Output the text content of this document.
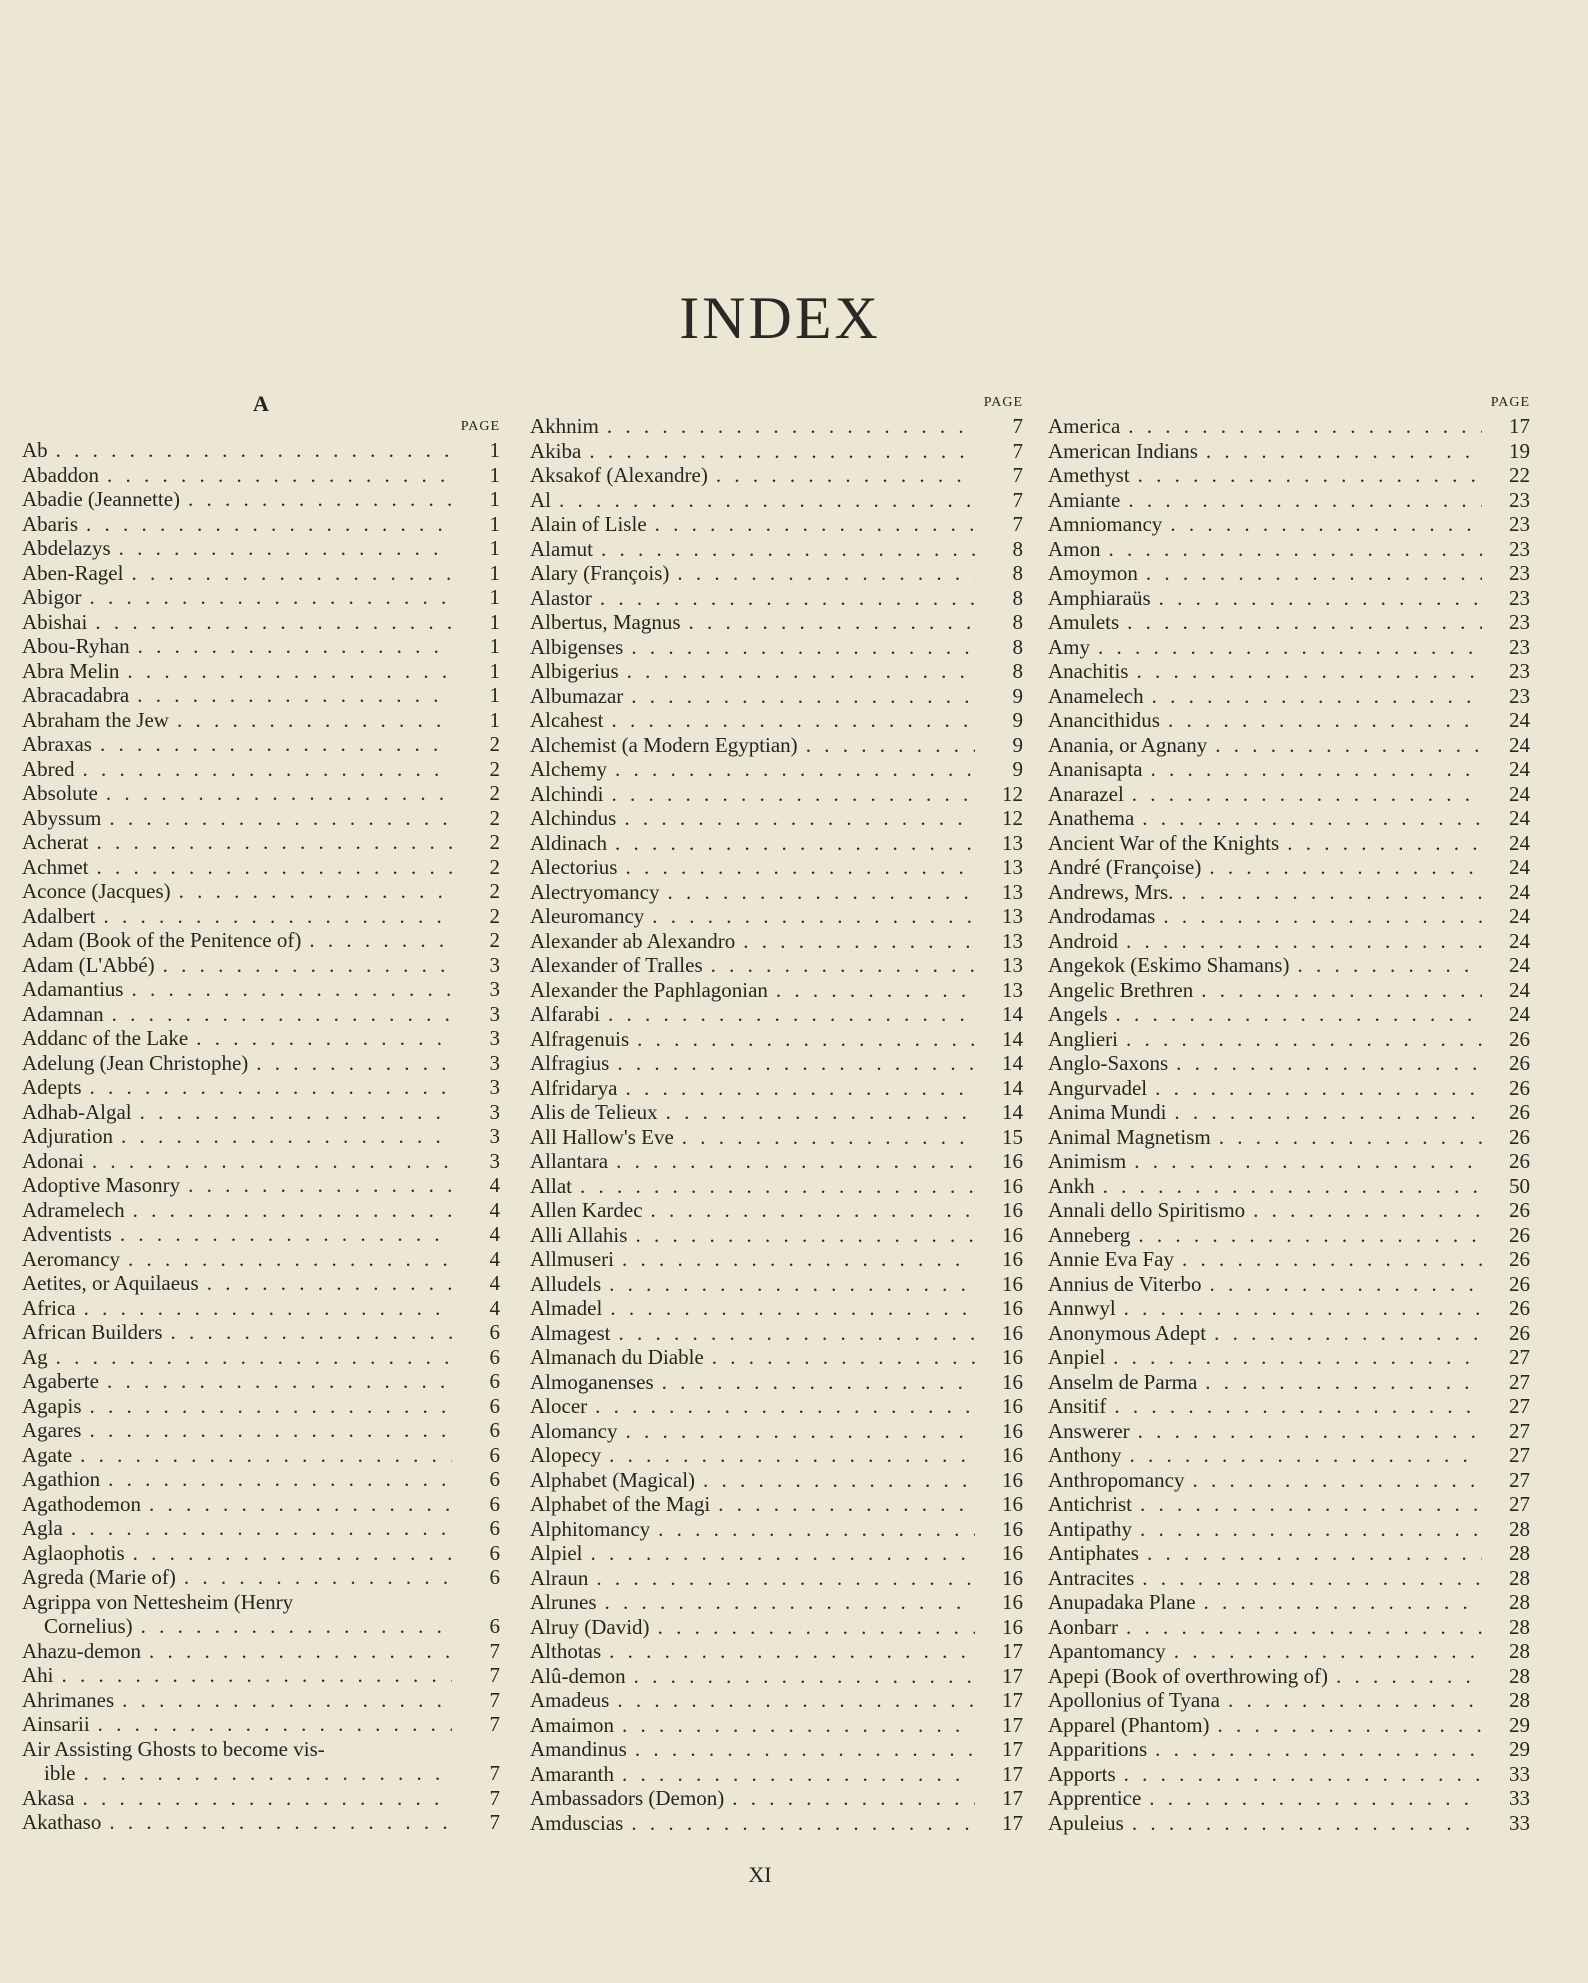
INDEX
A
PAGE
Ab . . .	1
Abaddon . . .	1
Abadie (Jeannette) . . .	1
Abaris . . .	1
Abdelazys . . .	1
Aben-Ragel . . .	1
Abigor . . .	1
Abishai . . .	1
Abou-Ryhan . . .	1
Abra Melin . . .	1
Abracadabra . . .	1
Abraham the Jew . . .	1
Abraxas . . .	2
Abred . . .	2
Absolute . . .	2
Abyssum . . .	2
Acherat . . .	2
Achmet . . .	2
Aconce (Jacques) . . .	2
Adalbert . . .	2
Adam (Book of the Penitence of) . . .	2
Adam (L'Abbé) . . .	3
Adamantius . . .	3
Adamnan . . .	3
Addanc of the Lake . . .	3
Adelung (Jean Christophe) . . .	3
Adepts . . .	3
Adhab-Algal . . .	3
Adjuration . . .	3
Adonai . . .	3
Adoptive Masonry . . .	4
Adramelech . . .	4
Adventists . . .	4
Aeromancy . . .	4
Aetites, or Aquilaeus . . .	4
Africa . . .	4
African Builders . . .	6
Ag . . .	6
Agaberte . . .	6
Agapis . . .	6
Agares . . .	6
Agate . . .	6
Agathion . . .	6
Agathodemon . . .	6
Agla . . .	6
Aglaophotis . . .	6
Agreda (Marie of) . . .	6
Agrippa von Nettesheim (Henry
Cornelius) . . .	6
Ahazu-demon . . .	7
Ahi . . .	7
Ahrimanes . . .	7
Ainsarii . . .	7
Air Assisting Ghosts to become vis-
ible . . .	7
Akasa . . .	7
Akathaso . . .	7
PAGE
Akhnim . . .	7
Akiba . . .	7
Aksakof (Alexandre) . . .	7
Al . . .	7
Alain of Lisle . . .	7
Alamut . . .	8
Alary (François) . . .	8
Alastor . . .	8
Albertus, Magnus . . .	8
Albigenses . . .	8
Albigerius . . .	8
Albumazar . . .	9
Alcahest . . .	9
Alchemist (a Modern Egyptian) . . .	9
Alchemy . . .	9
Alchindi . . .	12
Alchindus . . .	12
Aldinach . . .	13
Alectorius . . .	13
Alectryomancy . . .	13
Aleuromancy . . .	13
Alexander ab Alexandro . . .	13
Alexander of Tralles . . .	13
Alexander the Paphlagonian . . .	13
Alfarabi . . .	14
Alfragenuis . . .	14
Alfragius . . .	14
Alfridarya . . .	14
Alis de Telieux . . .	14
All Hallow's Eve . . .	15
Allantara . . .	16
Allat . . .	16
Allen Kardec . . .	16
Alli Allahis . . .	16
Allmuseri . . .	16
Alludels . . .	16
Almadel . . .	16
Almagest . . .	16
Almanach du Diable . . .	16
Almoganenses . . .	16
Alocer . . .	16
Alomancy . . .	16
Alopecy . . .	16
Alphabet (Magical) . . .	16
Alphabet of the Magi . . .	16
Alphitomancy . . .	16
Alpiel . . .	16
Alraun . . .	16
Alrunes . . .	16
Alruy (David) . . .	16
Althotas . . .	17
Alû-demon . . .	17
Amadeus . . .	17
Amaimon . . .	17
Amandinus . . .	17
Amaranth . . .	17
Ambassadors (Demon) . . .	17
Amduscias . . .	17
PAGE
America . . .	17
American Indians . . .	19
Amethyst . . .	22
Amiante . . .	23
Amniomancy . . .	23
Amon . . .	23
Amoymon . . .	23
Amphiaraüs . . .	23
Amulets . . .	23
Amy . . .	23
Anachitis . . .	23
Anamelech . . .	23
Anancithidus . . .	24
Anania, or Agnany . . .	24
Ananisapta . . .	24
Anarazel . . .	24
Anathema . . .	24
Ancient War of the Knights . . .	24
André (Françoise) . . .	24
Andrews, Mrs. . . .	24
Androdamas . . .	24
Android . . .	24
Angekok (Eskimo Shamans) . . .	24
Angelic Brethren . . .	24
Angels . . .	24
Anglieri . . .	26
Anglo-Saxons . . .	26
Angurvadel . . .	26
Anima Mundi . . .	26
Animal Magnetism . . .	26
Animism . . .	26
Ankh . . .	50
Annali dello Spiritismo . . .	26
Anneberg . . .	26
Annie Eva Fay . . .	26
Annius de Viterbo . . .	26
Annwyl . . .	26
Anonymous Adept . . .	26
Anpiel . . .	27
Anselm de Parma . . .	27
Ansitif . . .	27
Answerer . . .	27
Anthony . . .	27
Anthropomancy . . .	27
Antichrist . . .	27
Antipathy . . .	28
Antiphates . . .	28
Antracites . . .	28
Anupadaka Plane . . .	28
Aonbarr . . .	28
Apantomancy . . .	28
Apepi (Book of overthrowing of) . . .	28
Apollonius of Tyana . . .	28
Apparel (Phantom) . . .	29
Apparitions . . .	29
Apports . . .	33
Apprentice . . .	33
Apuleius . . .	33
XI
